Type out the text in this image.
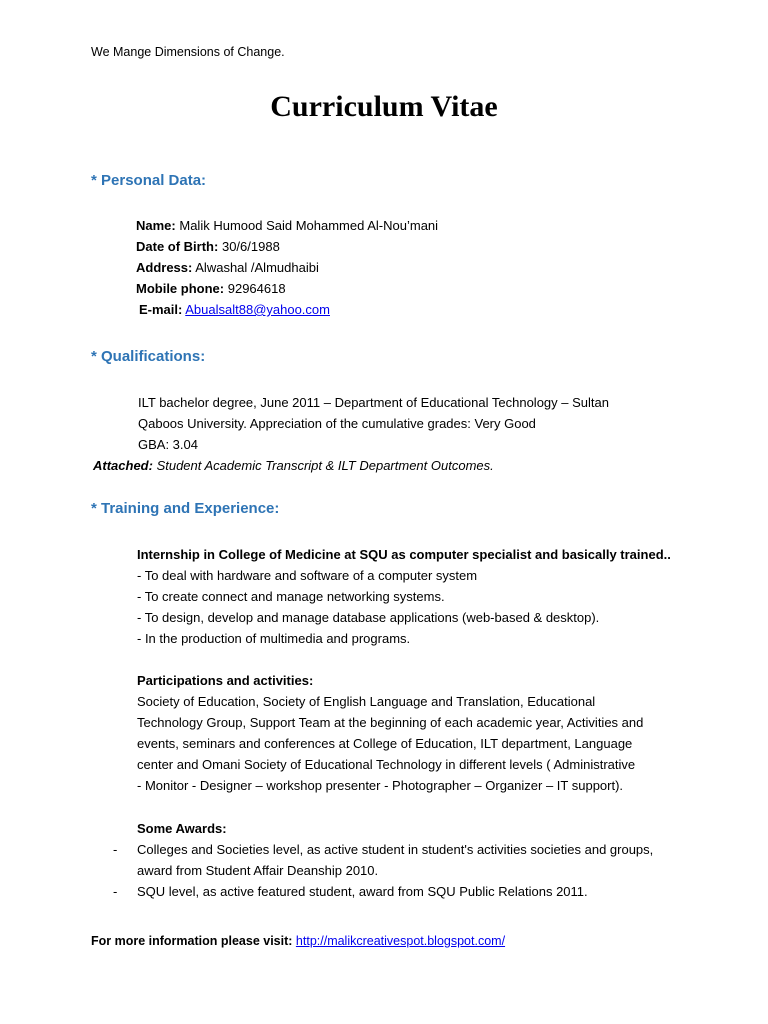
We Mange Dimensions of Change.
Curriculum Vitae
* Personal Data:
Name: Malik Humood Said Mohammed Al-Nou’mani
Date of Birth: 30/6/1988
Address: Alwashal /Almudhaibi
Mobile phone: 92964618
E-mail: Abualsalt88@yahoo.com
* Qualifications:
ILT bachelor degree, June 2011 – Department of Educational Technology – Sultan
Qaboos University. Appreciation of the cumulative grades: Very Good
GBA: 3.04
Attached: Student Academic Transcript & ILT Department Outcomes.
* Training and Experience:
Internship in College of Medicine at SQU as computer specialist and basically trained..
- To deal with hardware and software of a computer system
- To create connect and manage networking systems.
- To design, develop and manage database applications (web-based & desktop).
- In the production of multimedia and programs.
Participations and activities:
Society of Education, Society of English Language and Translation, Educational
Technology Group, Support Team at the beginning of each academic year, Activities and
events, seminars and conferences at College of Education, ILT department, Language
center and Omani Society of Educational Technology in different levels ( Administrative
- Monitor - Designer – workshop presenter - Photographer – Organizer – IT support).
Some Awards:
- Colleges and Societies level, as active student in student's activities societies and groups,
award from Student Affair Deanship 2010.
- SQU level, as active featured student, award from SQU Public Relations 2011.
For more information please visit: http://malikcreativespot.blogspot.com/
